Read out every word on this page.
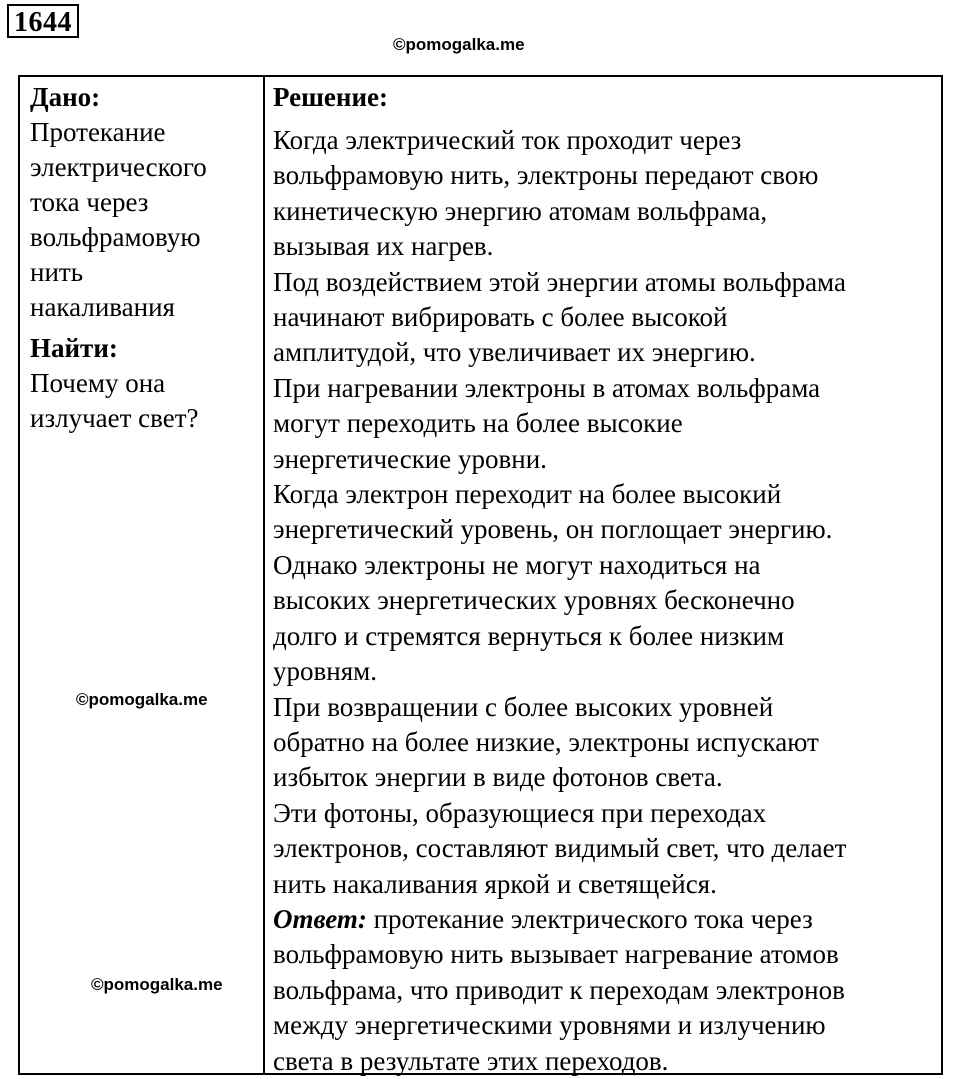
1644
©pomogalka.me
Дано:

Протекание
электрического
тока через
вольфрамовую
нить
накаливания

Найти:

Почему она
излучает свет?

Решение:

Когда электрический ток проходит через
вольфрамовую нить, электроны передают свою
кинетическую энергию атомам вольфрама,
вызывая их нагрев.

Под воздействием этой энергии атомы вольфрама
начинают вибрировать с более высокой
амплитудой, что увеличивает их энергию.

При нагревании электроны в атомах вольфрама
могут переходить на более высокие
энергетические уровни.

Когда электрон переходит на более высокий
энергетический уровень, он поглощает энергию.

Однако электроны не могут находиться на
высоких энергетических уровнях бесконечно
долго и стремятся вернуться к более низким
уровням.

При возвращении с более высоких уровней
обратно на более низкие, электроны испускают
избыток энергии в виде фотонов света.

Эти фотоны, образующиеся при переходах
электронов, составляют видимый свет, что делает
нить накаливания яркой и светящейся.

Ответ: протекание электрического тока через
вольфрамовую нить вызывает нагревание атомов
вольфрама, что приводит к переходам электронов
между энергетическими уровнями и излучению
света в результате этих переходов.

©pomogalka.me
©pomogalka.me
